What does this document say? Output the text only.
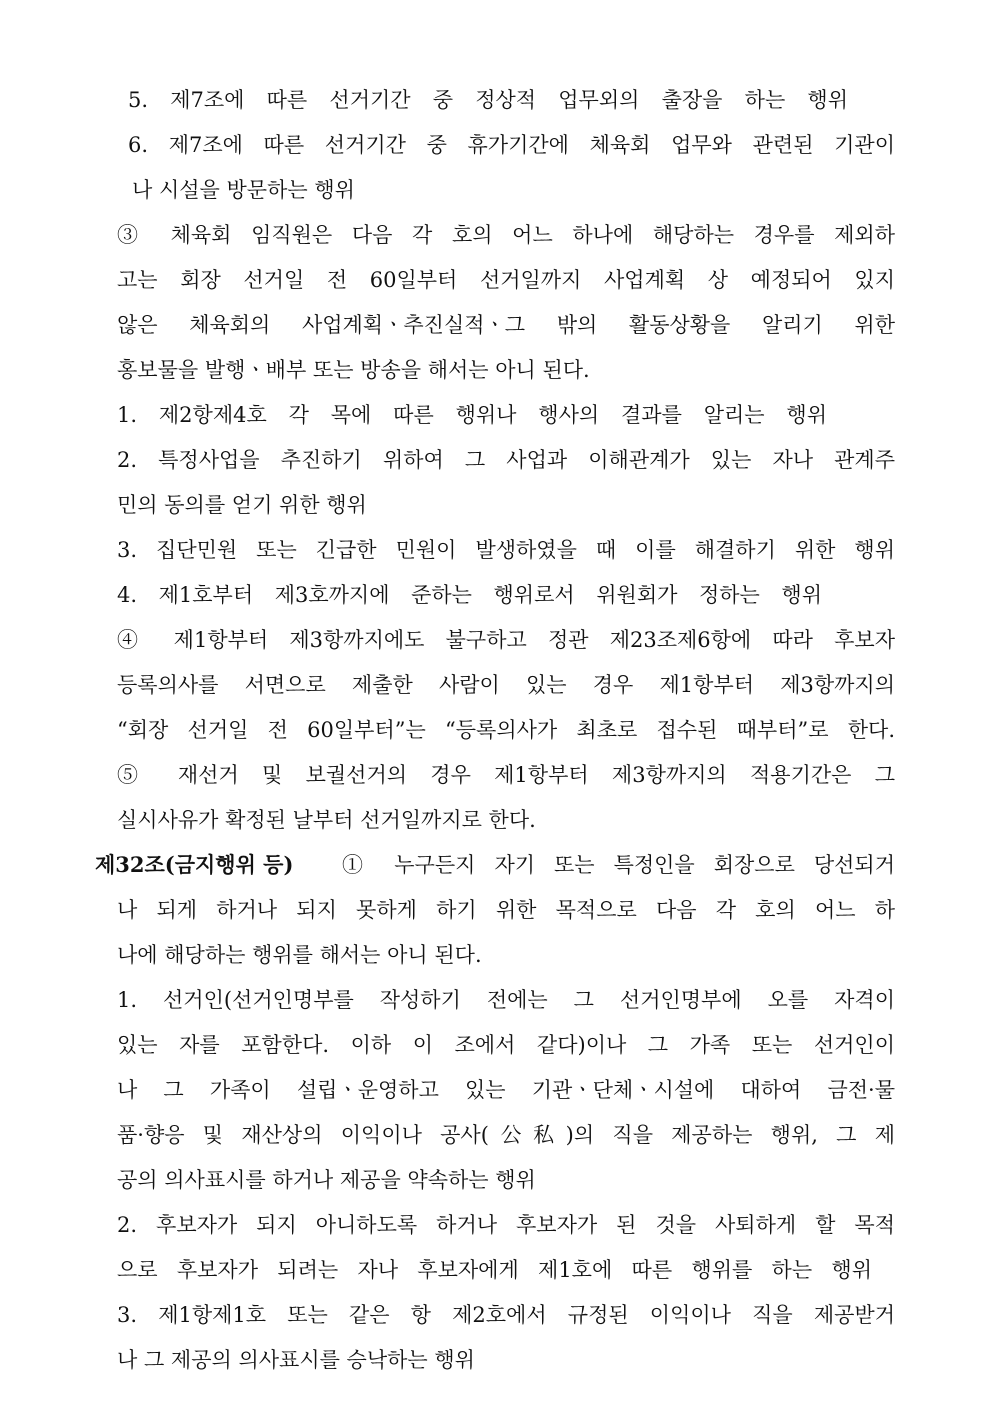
5. 제7조에 따른 선거기간 중 정상적 업무외의 출장을 하는 행위
6. 제7조에 따른 선거기간 중 휴가기간에 체육회 업무와 관련된 기관이
나 시설을 방문하는 행위
③ 체육회 임직원은 다음 각 호의 어느 하나에 해당하는 경우를 제외하
고는 회장 선거일 전 60일부터 선거일까지 사업계획 상 예정되어 있지
않은 체육회의 사업계획ㆍ추진실적ㆍ그 밖의 활동상황을 알리기 위한
홍보물을 발행ㆍ배부 또는 방송을 해서는 아니 된다.
1. 제2항제4호 각 목에 따른 행위나 행사의 결과를 알리는 행위
2. 특정사업을 추진하기 위하여 그 사업과 이해관계가 있는 자나 관계주
민의 동의를 얻기 위한 행위
3. 집단민원 또는 긴급한 민원이 발생하였을 때 이를 해결하기 위한 행위
4. 제1호부터 제3호까지에 준하는 행위로서 위원회가 정하는 행위
④ 제1항부터 제3항까지에도 불구하고 정관 제23조제6항에 따라 후보자
등록의사를 서면으로 제출한 사람이 있는 경우 제1항부터 제3항까지의
“회장 선거일 전 60일부터”는 “등록의사가 최초로 접수된 때부터”로 한다.
⑤ 재선거 및 보궐선거의 경우 제1항부터 제3항까지의 적용기간은 그
실시사유가 확정된 날부터 선거일까지로 한다.
제32조(금지행위 등)	① 누구든지 자기 또는 특정인을 회장으로 당선되거
나 되게 하거나 되지 못하게 하기 위한 목적으로 다음 각 호의 어느 하
나에 해당하는 행위를 해서는 아니 된다.
1. 선거인(선거인명부를 작성하기 전에는 그 선거인명부에 오를 자격이
있는 자를 포함한다. 이하 이 조에서 같다)이나 그 가족 또는 선거인이
나 그 가족이 설립ㆍ운영하고 있는 기관ㆍ단체ㆍ시설에 대하여 금전·물
품·향응 및 재산상의 이익이나 공사(公私)의 직을 제공하는 행위, 그 제
공의 의사표시를 하거나 제공을 약속하는 행위
2. 후보자가 되지 아니하도록 하거나 후보자가 된 것을 사퇴하게 할 목적
으로 후보자가 되려는 자나 후보자에게 제1호에 따른 행위를 하는 행위
3. 제1항제1호 또는 같은 항 제2호에서 규정된 이익이나 직을 제공받거
나 그 제공의 의사표시를 승낙하는 행위
